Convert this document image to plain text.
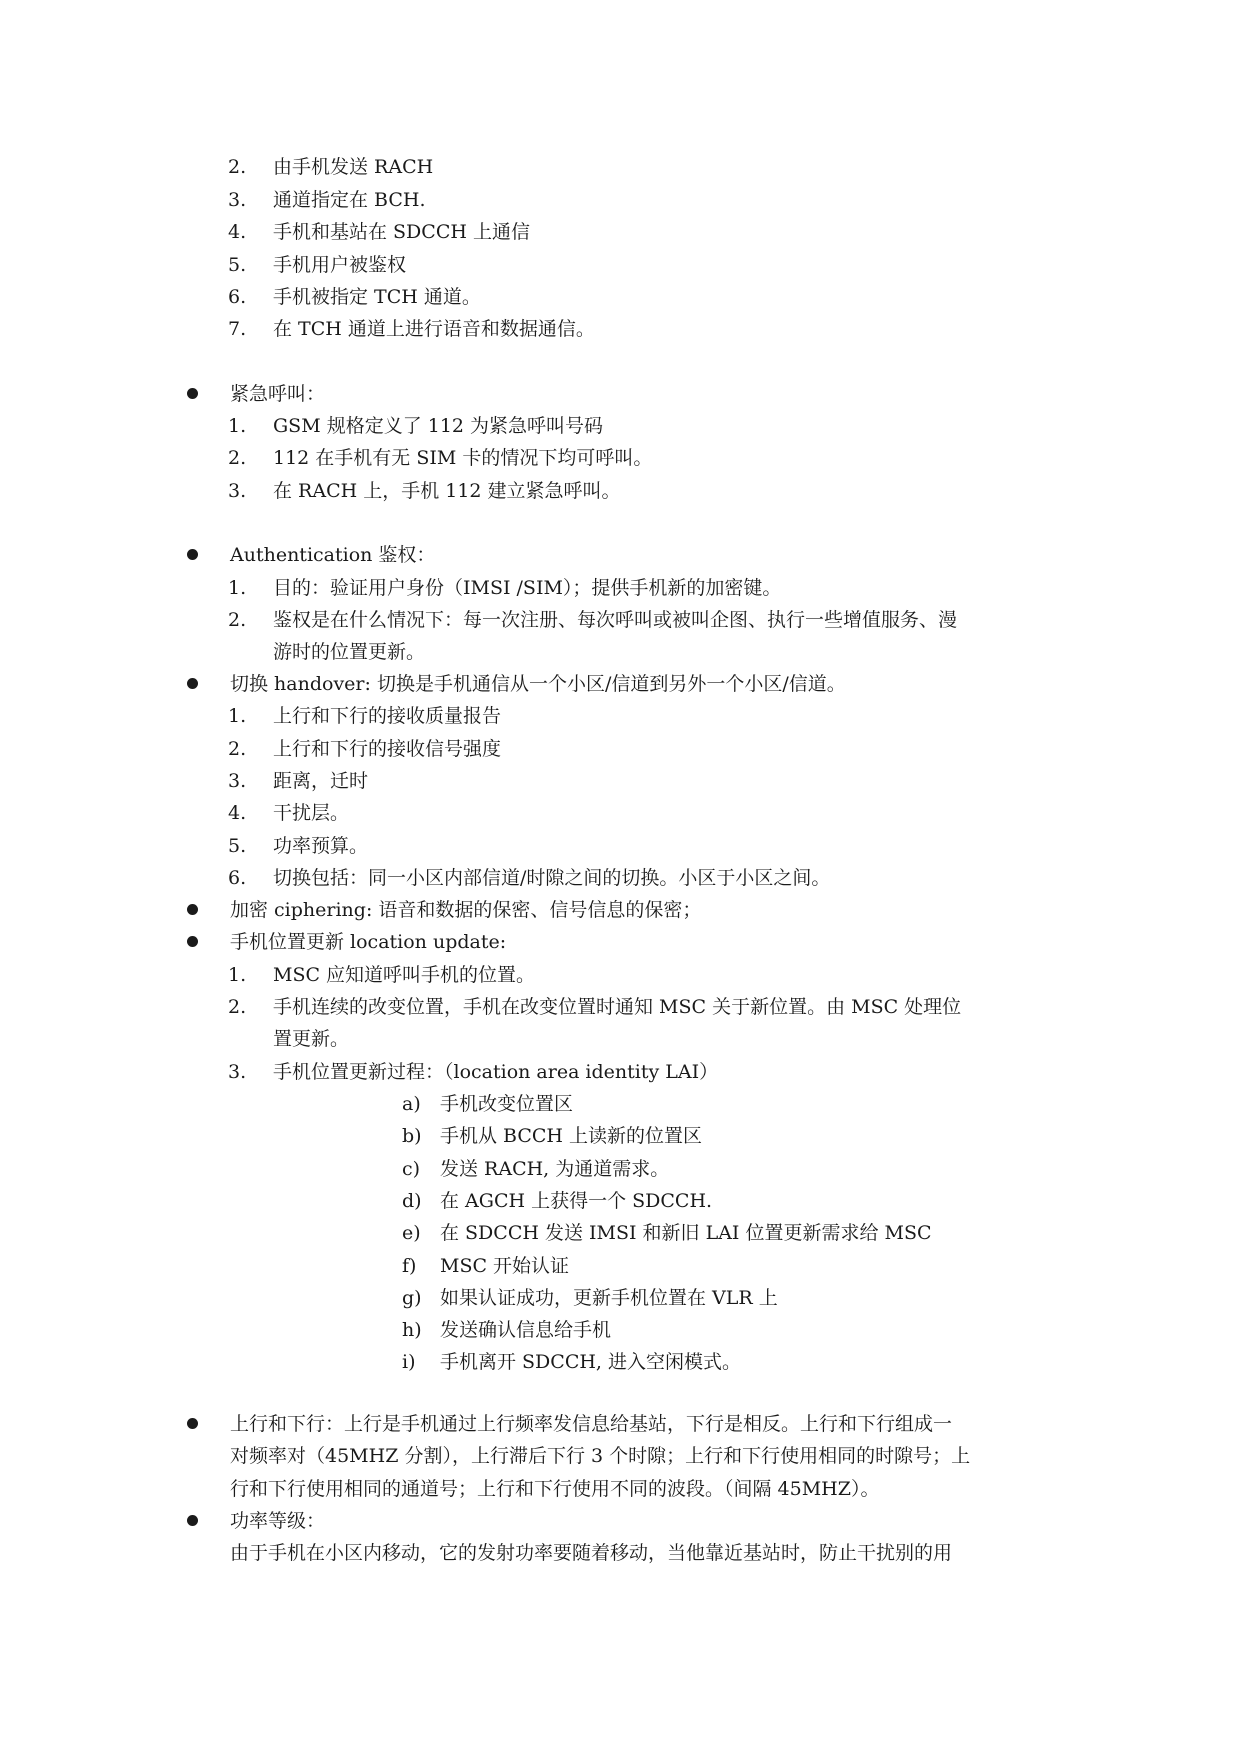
2. 由手机发送 RACH
3. 通道指定在 BCH.
4. 手机和基站在 SDCCH 上通信
5. 手机用户被鉴权
6. 手机被指定 TCH 通道。
7. 在 TCH 通道上进行语音和数据通信。
紧急呼叫：
1. GSM 规格定义了 112 为紧急呼叫号码
2. 112 在手机有无 SIM 卡的情况下均可呼叫。
3. 在 RACH 上，手机 112 建立紧急呼叫。
Authentication 鉴权：
1. 目的：验证用户身份（IMSI /SIM）；提供手机新的加密键。
2. 鉴权是在什么情况下：每一次注册、每次呼叫或被叫企图、执行一些增值服务、漫
游时的位置更新。
切换 handover: 切换是手机通信从一个小区/信道到另外一个小区/信道。
1. 上行和下行的接收质量报告
2. 上行和下行的接收信号强度
3. 距离，迁时
4. 干扰层。
5. 功率预算。
6. 切换包括：同一小区内部信道/时隙之间的切换。小区于小区之间。
加密 ciphering: 语音和数据的保密、信号信息的保密；
手机位置更新 location update:
1. MSC 应知道呼叫手机的位置。
2. 手机连续的改变位置，手机在改变位置时通知 MSC 关于新位置。由 MSC 处理位
置更新。
3. 手机位置更新过程：（location area identity LAI）
a) 手机改变位置区
b) 手机从 BCCH 上读新的位置区
c) 发送 RACH, 为通道需求。
d) 在 AGCH 上获得一个 SDCCH.
e) 在 SDCCH 发送 IMSI 和新旧 LAI 位置更新需求给 MSC
f) MSC 开始认证
g) 如果认证成功，更新手机位置在 VLR 上
h) 发送确认信息给手机
i) 手机离开 SDCCH, 进入空闲模式。
上行和下行：上行是手机通过上行频率发信息给基站，下行是相反。上行和下行组成一
对频率对（45MHZ 分割），上行滞后下行 3 个时隙；上行和下行使用相同的时隙号；上
行和下行使用相同的通道号；上行和下行使用不同的波段。（间隔 45MHZ）。
功率等级：
由于手机在小区内移动，它的发射功率要随着移动，当他靠近基站时，防止干扰别的用
